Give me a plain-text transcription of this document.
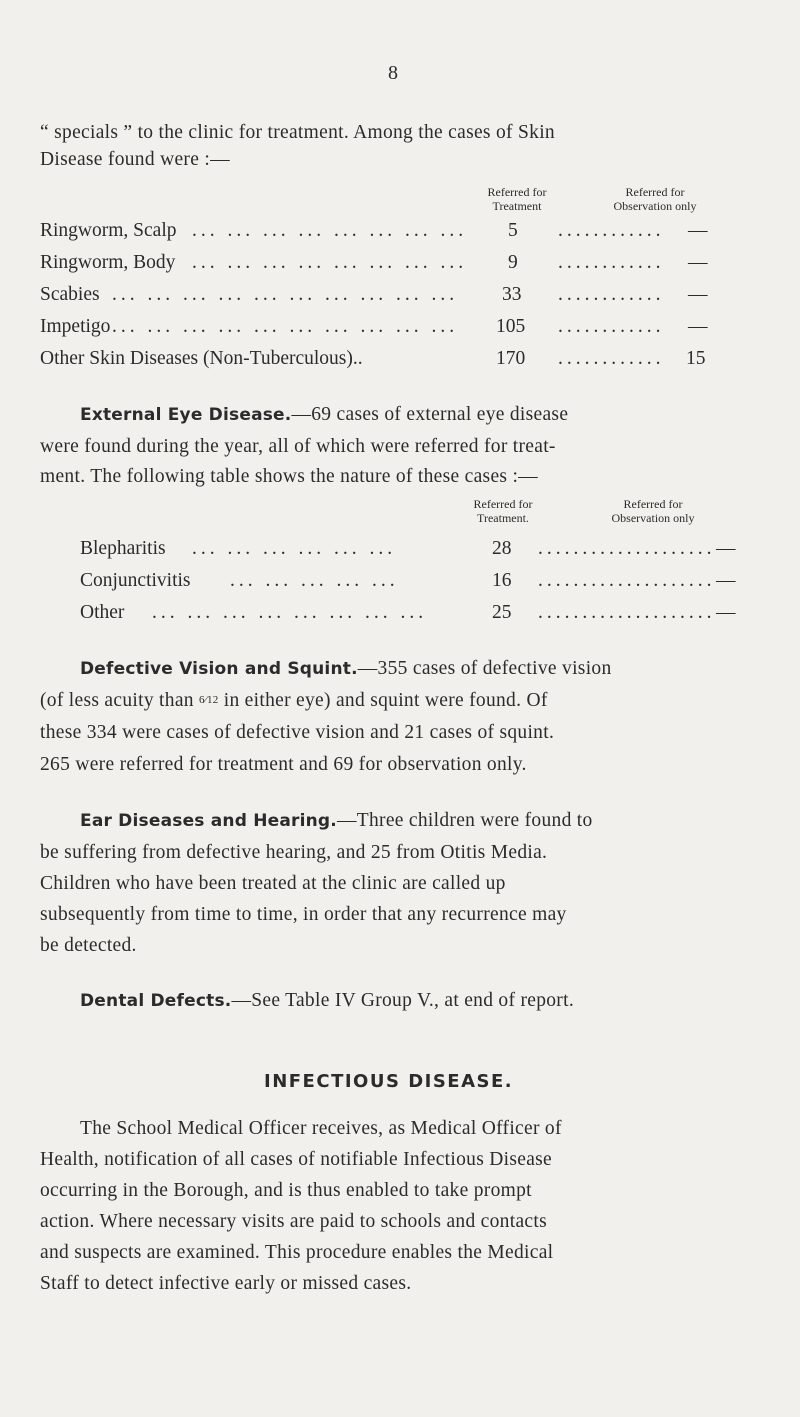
8
“ specials ” to the clinic for treatment. Among the cases of Skin
Disease found were :—
Referred for
Treatment
Referred for
Observation only
Ringworm, Scalp ... ... ... ... ... ... ... ... 5 ............ —
Ringworm, Body ... ... ... ... ... ... ... ... 9 ............ —
Scabies ... ... ... ... ... ... ... ... ... ... 33 ............ —
Impetigo ... ... ... ... ... ... ... ... ... ... 105 ............ —
Other Skin Diseases (Non-Tuberculous)..	170 ............ 15
External Eye Disease.—69 cases of external eye disease
were found during the year, all of which were referred for treat-
ment. The following table shows the nature of these cases :—
Referred for
Treatment.
Referred for
Observation only
Blepharitis ... ... ... ... ... ...	28 .................... —
Conjunctivitis ... ... ... ... ...	16 .................... —
Other ... ... ... ... ... ... ... ...	25 .................... —
Defective Vision and Squint.—355 cases of defective vision
(of less acuity than 6⁄12 in either eye) and squint were found. Of
these 334 were cases of defective vision and 21 cases of squint.
265 were referred for treatment and 69 for observation only.
Ear Diseases and Hearing.—Three children were found to
be suffering from defective hearing, and 25 from Otitis Media.
Children who have been treated at the clinic are called up
subsequently from time to time, in order that any recurrence may
be detected.
Dental Defects.—See Table IV Group V., at end of report.
INFECTIOUS DISEASE.
The School Medical Officer receives, as Medical Officer of
Health, notification of all cases of notifiable Infectious Disease
occurring in the Borough, and is thus enabled to take prompt
action. Where necessary visits are paid to schools and contacts
and suspects are examined. This procedure enables the Medical
Staff to detect infective early or missed cases.
